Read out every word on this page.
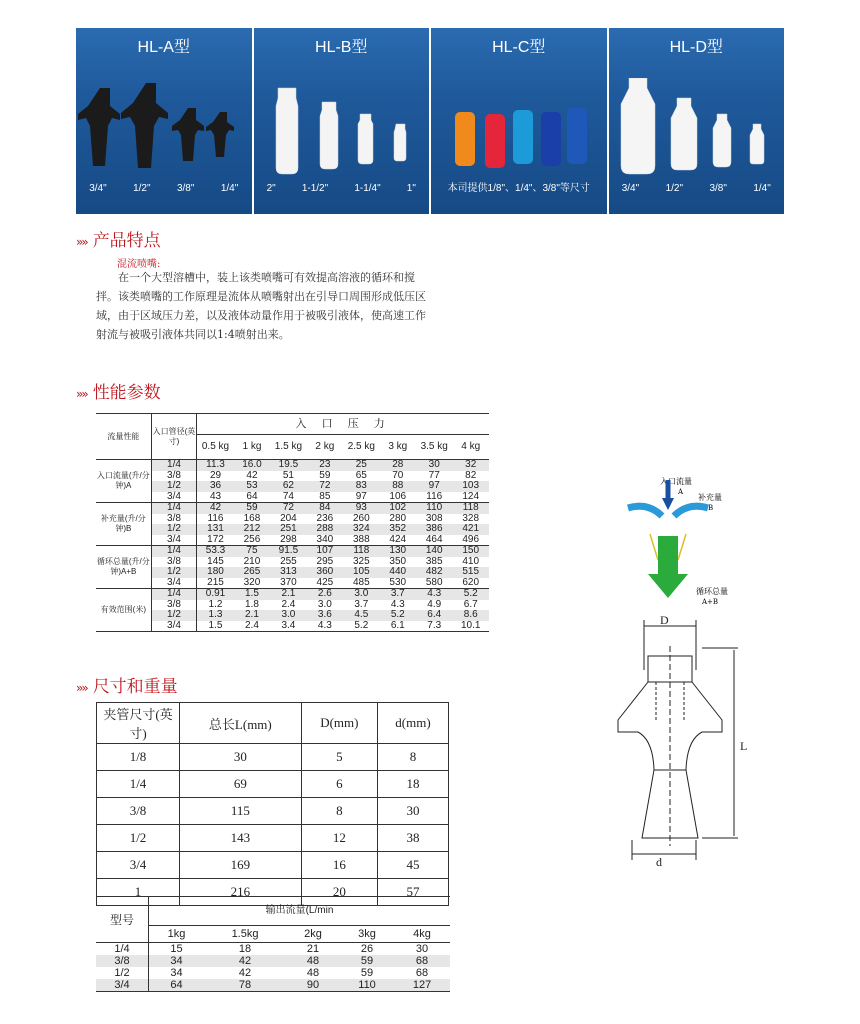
HL-A型
3/4"	1/2"	3/8"	1/4"
HL-B型
2"	1-1/2"	1-1/4"	1"
HL-C型
本司提供1/8"、1/4"、3/8"等尺寸
HL-D型
3/4"	1/2"	3/8"	1/4"
»» 产品特点
混流喷嘴:
在一个大型溶槽中，装上该类喷嘴可有效提高溶液的循环和搅拌。该类喷嘴的工作原理是流体从喷嘴射出在引导口周围形成低压区域，由于区域压力差，以及液体动量作用于被吸引液体，使高速工作射流与被吸引液体共同以1:4喷射出来。
»» 性能参数
流量性能	入口管径(英寸)	入 口 压 力							
		0.5 kg	1 kg	1.5 kg	2 kg	2.5 kg	3 kg	3.5 kg	4 kg
入口流量(升/分钟)A	1/4	11.3	16.0	19.5	23	25	28	30	32
	3/8	29	42	51	59	65	70	77	82
	1/2	36	53	62	72	83	88	97	103
	3/4	43	64	74	85	97	106	116	124
补充量(升/分钟)B	1/4	42	59	72	84	93	102	110	118
	3/8	116	168	204	236	260	280	308	328
	1/2	131	212	251	288	324	352	386	421
	3/4	172	256	298	340	388	424	464	496
循环总量(升/分钟)A+B	1/4	53.3	75	91.5	107	118	130	140	150
	3/8	145	210	255	295	325	350	385	410
	1/2	180	265	313	360	105	440	482	515
	3/4	215	320	370	425	485	530	580	620
有效范围(米)	1/4	0.91	1.5	2.1	2.6	3.0	3.7	4.3	5.2
	3/8	1.2	1.8	2.4	3.0	3.7	4.3	4.9	6.7
	1/2	1.3	2.1	3.0	3.6	4.5	5.2	6.4	8.6
	3/4	1.5	2.4	3.4	4.3	5.2	6.1	7.3	10.1
入口流量
A
补充量
B
循环总量
A+B
D
L
d
»» 尺寸和重量
夹管尺寸(英寸)	总长L(mm)	D(mm)	d(mm)
1/8	30	5	8
1/4	69	6	18
3/8	115	8	30
1/2	143	12	38
3/4	169	16	45
1	216	20	57
型号	输出流量(L/min				
	1kg	1.5kg	2kg	3kg	4kg
1/4	15	18	21	26	30
3/8	34	42	48	59	68
1/2	34	42	48	59	68
3/4	64	78	90	110	127
